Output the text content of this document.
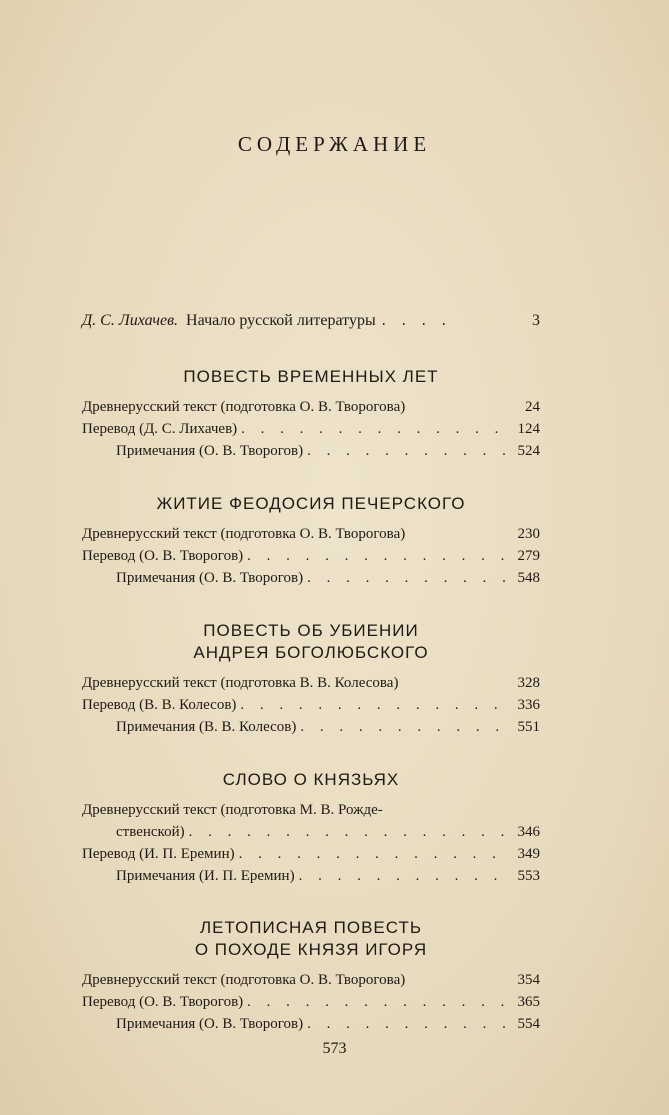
СОДЕРЖАНИЕ
Д. С. Лихачев. Начало русской литературы . . . .	3
ПОВЕСТЬ ВРЕМЕННЫХ ЛЕТ
Древнерусский текст (подготовка О. В. Творогова)	24
Перевод (Д. С. Лихачев) . . .	124
Примечания (О. В. Творогов) . . .	524
ЖИТИЕ ФЕОДОСИЯ ПЕЧЕРСКОГО
Древнерусский текст (подготовка О. В. Творогова)	230
Перевод (О. В. Творогов) . . .	279
Примечания (О. В. Творогов) . . .	548
ПОВЕСТЬ ОБ УБИЕНИИ
АНДРЕЯ БОГОЛЮБСКОГО
Древнерусский текст (подготовка В. В. Колесова)	328
Перевод (В. В. Колесов) . . .	336
Примечания (В. В. Колесов) . . .	551
СЛОВО О КНЯЗЬЯХ
Древнерусский текст (подготовка М. В. Рожде-
ственской) . . .	346
Перевод (И. П. Еремин) . . .	349
Примечания (И. П. Еремин) . . .	553
ЛЕТОПИСНАЯ ПОВЕСТЬ
О ПОХОДЕ КНЯЗЯ ИГОРЯ
Древнерусский текст (подготовка О. В. Творогова)	354
Перевод (О. В. Творогов) . . .	365
Примечания (О. В. Творогов) . . .	554
573
